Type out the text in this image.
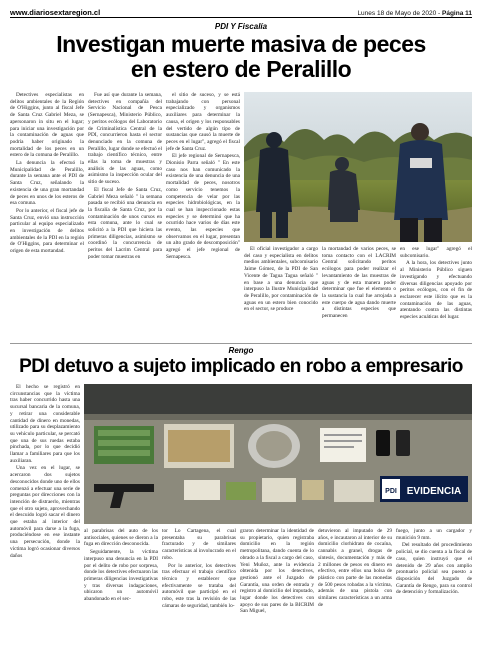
www.diariosextaregion.cl	Lunes 18 de Mayo de 2020 - Página 11
PDI Y Fiscalía
Investigan muerte masiva de peces
en estero de Peralillo

Detectives especialistas en delitos ambientales de la Región de O'Higgins, junto al fiscal Jefe de Santa Cruz Gabriel Meza, se apersonaron in situ en el lugar; para iniciar una investigación por la contaminación de aguas que podría haber originado la mortalidad de los peces en un estero de la comuna de Peralillo.

La denuncia la efectuó la Municipalidad de Peralillo, durante la semana ante el PDI de Santa Cruz, señalando la existencia de una gran mortandad de peces en unos de los esteros de esa comuna.

Por lo anterior, el fiscal jefe de Santa Cruz, envió una instrucción particular al equipo especializado en investigación de delitos ambientales de la PDI en la región de O'Higgins, para determinar el origen de esta mortandad.

Fue así que durante la semana, detectives en compañía del Servicio Nacional de Pesca (Sernapesca), Ministerio Público, y peritos ecólogos del Laboratorio de Criminalística Central de la PDI, concurrieron hasta el sector denunciado en la comuna de Peralillo, lugar donde se efectuó el trabajo científico técnico, entre ellas la toma de muestras y análisis de las aguas, como asimismo la inspección ocular del sitio de suceso.

El fiscal Jefe de Santa Cruz, Gabriel Meza señaló " la semana pasada se recibió una denuncia en la fiscalía de Santa Cruz, por la contaminación de unos cursos en esta comuna, ante lo cual se solicitó a la PDI que hiciera las primeras diligencias, asimismo se coordinó la concurrencia de peritos del Lacrim Central para poder tomar muestras en

el sitio de suceso, y se está trabajando con personal especializado y organismos auxiliares para determinar la causa, el origen y los responsables del vertido de algún tipo de sustancias que causó la muerte de peces en el lugar", agregó el fiscal jefe de Santa Cruz.

El jefe regional de Sernapesca, Dionisio Parra señaló " En este caso nos han comunicado la existencia de una denuncia de una mortalidad de peces, nosotros como servicio tenemos la competencia de velar por las especies hidrobiológicas, en la cual se han inspeccionado estas especies y se determinó que ha ocurrido hace varios de días este evento, las especies que observamos en el lugar, presentan un alto grado de descomposición" agregó el jefe regional de Sernapesca.

El oficial investigador a cargo del caso y especialista en delitos medios ambientales, subcomisario Jaime Gómez, de la PDI de San Vicente de Tagua Tagua señaló " en base a una denuncia que interpuso la Ilustre Municipalidad de Peralillo, por contaminación de aguas en un estero bien conocido en el sector, se produce

la mortandad de varios peces, se toma contacto con el LACRIM Central solicitando peritos ecólogos para poder realizar el levantamiento de las muestras de aguas y de esta manera poder determinar que fue el elemento o la sustancia la cual fue arrojada a este cuerpo de agua dando muerte a distintas especies que permanecen

en ese lugar" agregó el subcomisario.

A la hora, los detectives junto al Ministerio Público siguen investigando y efectuando diversas diligencias apoyado por peritos ecólogos, con el fin de esclarecer este ilícito que es la contaminación de las aguas, atentando contra las distintas especies acuáticas del lugar.

Rengo
PDI detuvo a sujeto implicado en robo a empresario

El hecho se registró en circunstancias que la víctima tras haber concurrido hasta una sucursal bancaria de la comuna, y retirar una considerable cantidad de dinero en monedas, utilizado para su desplazamiento su vehículo particular, se percató que una de sus ruedas estaba pinchada, por lo que decidió llamar a familiares para que los auxiliaran.

Una vez en el lugar, se acercaron dos sujetos desconocidos donde uno de ellos comenzó a efectuar una serie de preguntas por direcciones con la intención de distraerlo, mientras que el otro sujeto, aprovechando el descuido logró sacar el dinero que estaba al interior del automóvil para darse a la fuga, produciéndose en ese instante una persecución, donde la víctima logró ocasionar diversos daños

PDI EVIDENCIA

al parabrisas del auto de los antisociales, quienes se dieron a la fuga en dirección desconocida.

Seguidamente, la víctima interpuso una denuncia en la PDI por el delito de robo por sorpresa, donde los detectives efectuaron las primeras diligencias investigativas y tras diversas indagaciones, ubicaron un automóvil abandonado en el sec-

tor Lo Cartagena, el cual presentaba su parabrisas fracturado y de similares características al involucrado en el robo.

Por lo anterior, los detectives tras efectuar el trabajo científico técnico y establecer que efectivamente se trataba del automóvil que participó en el robo, este tras la revisión de las cámaras de seguridad, también lo-

graron determinar la identidad de su propietario, quien registraba domicilio en la región metropolitana, dando cuenta de lo obrado a la fiscal a cargo del caso, Yeni Muñoz, ante la evidencia obtenida por los detectives, gestionó ante el Juzgado de Garantía, una orden de entrada y registro al domicilio del imputado, lugar donde los detectives con apoyo de sus pares de la BICRIM San Miguel,

detuvieron al imputado de 29 años, e incautaron al interior de su domicilio clorhidrato de cocaína, cannabis a granel, drogas de síntesis, documentación y más de 2 millones de pesos en dinero en efectivo, entre ellos una bolsa de plástico con parte de las monedas de 500 pesos robadas a la víctima, además de una pistola con similares características a un arma de

fuego, junto a un cargador y munición 9 mm.

Del resultado del procedimiento policial, se dio cuenta a la fiscal de caso, quien instruyó que el detenido de 29 años con amplio prontuario policial sea puesto a disposición del Juzgado de Garantía de Rengo, para su control de detención y formalización.
